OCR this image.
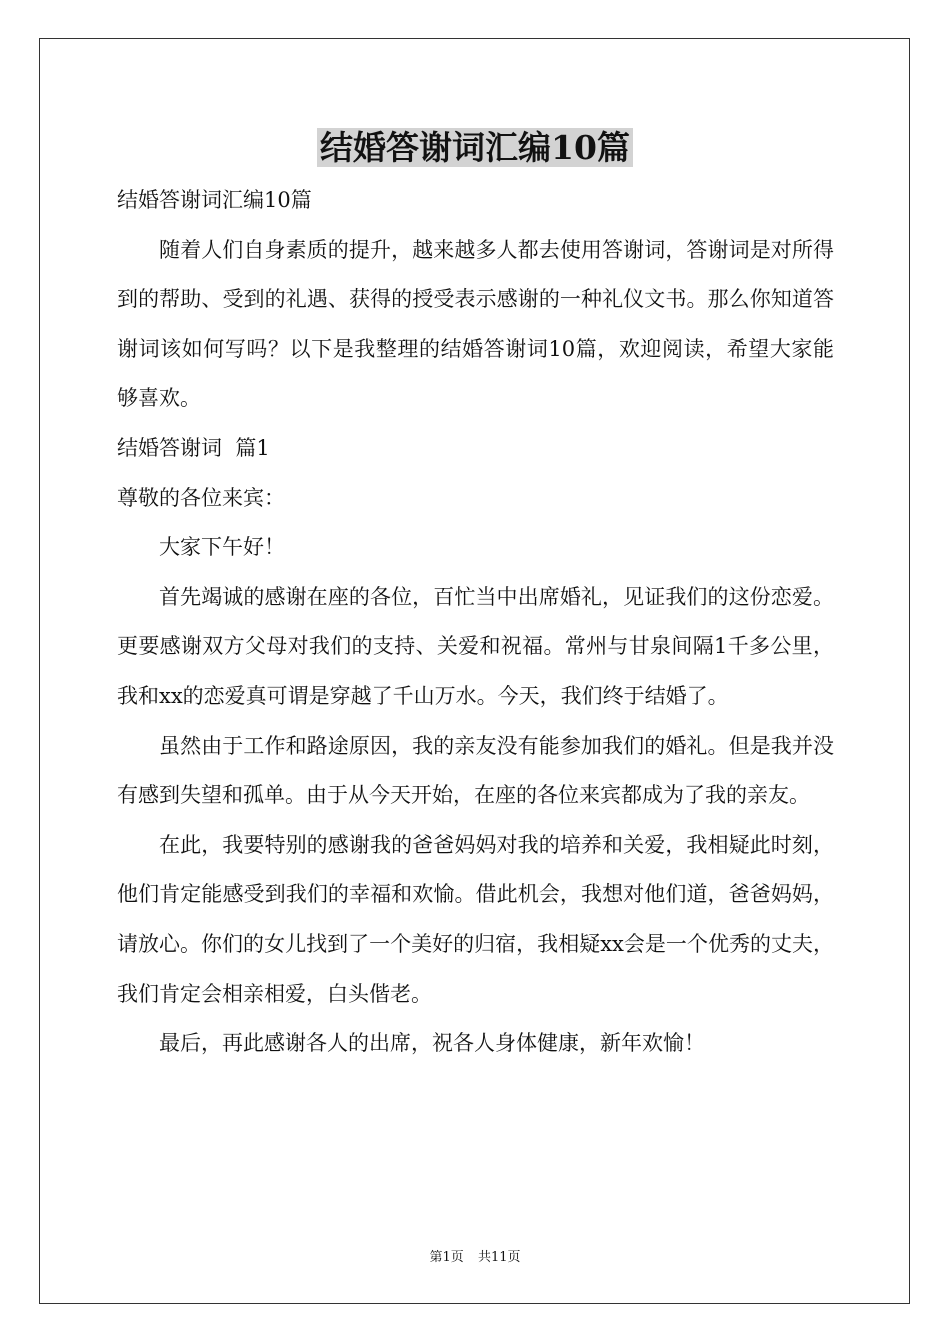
结婚答谢词汇编10篇

结婚答谢词汇编10篇

随着人们自身素质的提升，越来越多人都去使用答谢词，答谢词是对所得到的帮助、受到的礼遇、获得的授受表示感谢的一种礼仪文书。那么你知道答谢词该如何写吗？以下是我整理的结婚答谢词10篇，欢迎阅读，希望大家能够喜欢。

结婚答谢词  篇1

尊敬的各位来宾：

大家下午好！

首先竭诚的感谢在座的各位，百忙当中出席婚礼，见证我们的这份恋爱。更要感谢双方父母对我们的支持、关爱和祝福。常州与甘泉间隔1千多公里，我和xx的恋爱真可谓是穿越了千山万水。今天，我们终于结婚了。

虽然由于工作和路途原因，我的亲友没有能参加我们的婚礼。但是我并没有感到失望和孤单。由于从今天开始，在座的各位来宾都成为了我的亲友。

在此，我要特别的感谢我的爸爸妈妈对我的培养和关爱，我相疑此时刻，他们肯定能感受到我们的幸福和欢愉。借此机会，我想对他们道，爸爸妈妈，请放心。你们的女儿找到了一个美好的归宿，我相疑xx会是一个优秀的丈夫，我们肯定会相亲相爱，白头偕老。

最后，再此感谢各人的出席，祝各人身体健康，新年欢愉！

第1页 共11页
